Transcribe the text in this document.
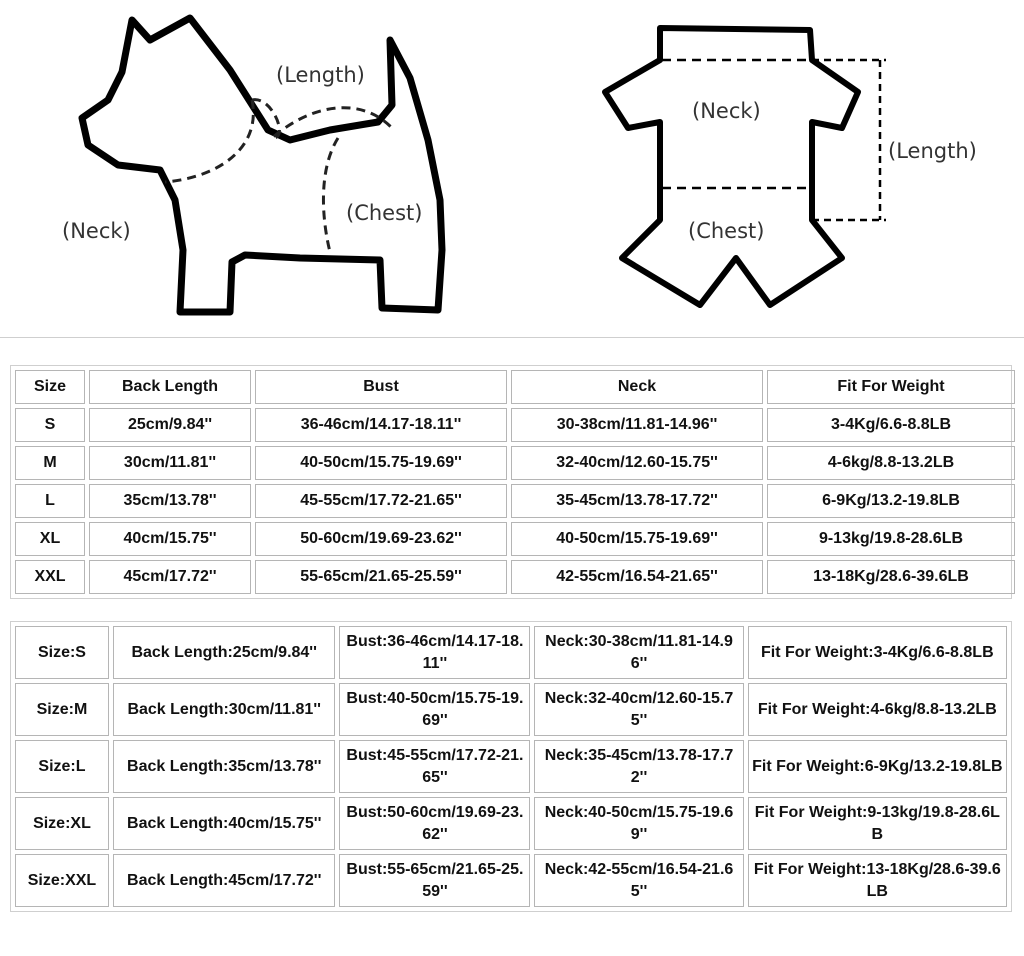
(Length)
(Neck)
(Chest)
(Neck)
(Length)
(Chest)
Size	Back Length	Bust	Neck	Fit For Weight
S	25cm/9.84''	36-46cm/14.17-18.11''	30-38cm/11.81-14.96''	3-4Kg/6.6-8.8LB
M	30cm/11.81''	40-50cm/15.75-19.69''	32-40cm/12.60-15.75''	4-6kg/8.8-13.2LB
L	35cm/13.78''	45-55cm/17.72-21.65''	35-45cm/13.78-17.72''	6-9Kg/13.2-19.8LB
XL	40cm/15.75''	50-60cm/19.69-23.62''	40-50cm/15.75-19.69''	9-13kg/19.8-28.6LB
XXL	45cm/17.72''	55-65cm/21.65-25.59''	42-55cm/16.54-21.65''	13-18Kg/28.6-39.6LB
Size:S	Back Length:25cm/9.84''	Bust:36-46cm/14.17-18.11''	Neck:30-38cm/11.81-14.96''	Fit For Weight:3-4Kg/6.6-8.8LB
Size:M	Back Length:30cm/11.81''	Bust:40-50cm/15.75-19.69''	Neck:32-40cm/12.60-15.75''	Fit For Weight:4-6kg/8.8-13.2LB
Size:L	Back Length:35cm/13.78''	Bust:45-55cm/17.72-21.65''	Neck:35-45cm/13.78-17.72''	Fit For Weight:6-9Kg/13.2-19.8LB
Size:XL	Back Length:40cm/15.75''	Bust:50-60cm/19.69-23.62''	Neck:40-50cm/15.75-19.69''	Fit For Weight:9-13kg/19.8-28.6LB
Size:XXL	Back Length:45cm/17.72''	Bust:55-65cm/21.65-25.59''	Neck:42-55cm/16.54-21.65''	Fit For Weight:13-18Kg/28.6-39.6LB
